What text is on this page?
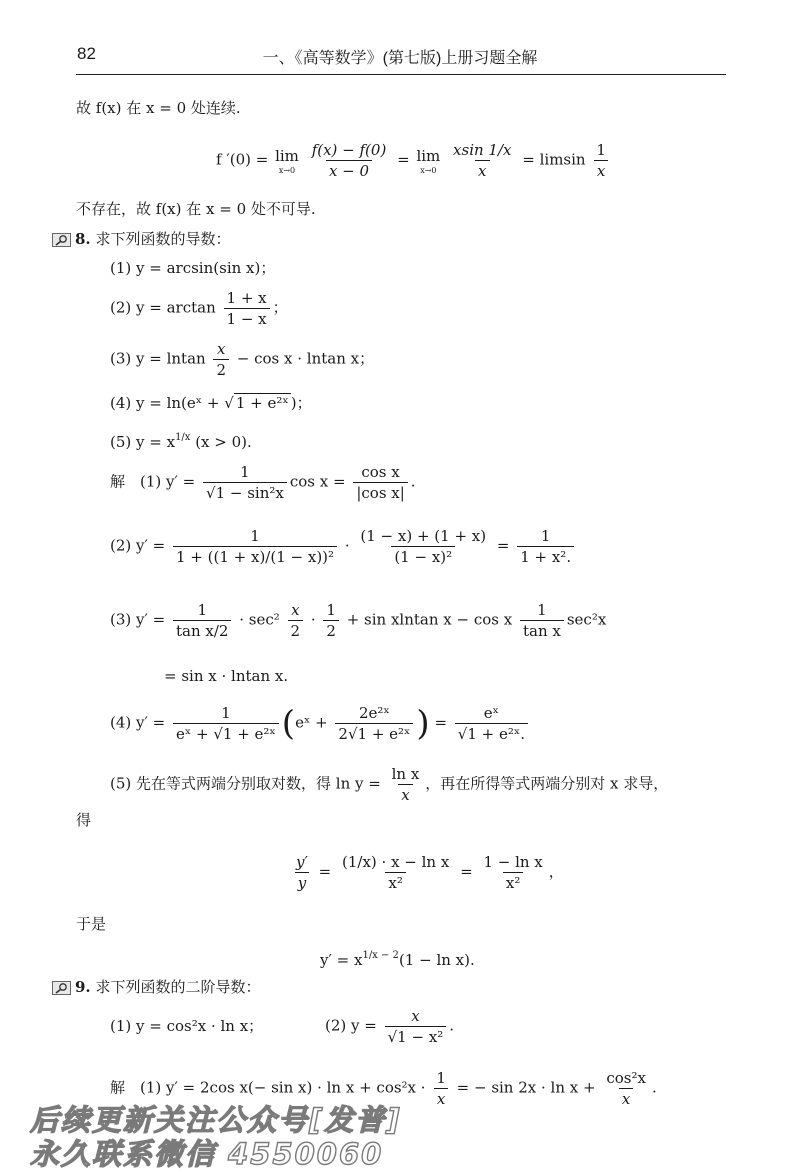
82	一、《高等数学》(第七版)上册习题全解
故 f(x) 在 x = 0 处连续.
f ′(0) = lim
x→0
$\frac{f(x) - f(0)}{x - 0} = \lim$
x→0
$\frac{xsin 1/x}{x} = limsin \frac{1}{x}$
不存在，故 f(x) 在 x = 0 处不可导.
8. 求下列函数的导数：
(1) y = arcsin(sin x)；
(2) $y = \arctan \frac{1 + x}{1 - x}$ ；
(3) y = lntan $\frac{x}{2} - \cos x \cdot lntan$ x；
(4) y = ln(eˣ + √ 1 + e²ˣ )；
(5) $y = x^{1/x}$ (x > 0).
解　(1) $y' = \frac{1}{\text{√1 − sin²x}}$ $\cos x = \frac{\text{cos x}}{\text{|cos x|}}$ .
(2) $y' = \frac{1}{\text{1 + ((1 + x)/(1 − x))²}} \cdot \frac{(1 - x) + (1 + x)}{\text{(1 − x)²}} = \frac{1}{\text{1 + x².}}$
(3) $y' = \frac{1}{\text{tan x/2}} \cdot \sec^2 \frac{x}{2} \cdot \frac{1}{2} + \sin xlntan$ x − cos x $\frac{1}{\text{tan x}} \sec^2x$
= sin x · lntan x.
(4) $y' = \frac{1}{\text{eˣ + √1 + e²ˣ}}$ (eˣ + $\frac{\text{2e²ˣ}}{\text{2√1 + e²ˣ}}$ ) = $\frac{\text{eˣ}}{\text{√1 + e²ˣ.}}$
(5) 先在等式两端分别取对数，得 $\ln y = \frac{\text{ln x}}{x}$ ，再在所得等式两端分别对 x 求导，
得
$\frac{y'}{y} = \frac{\text{(1/x) · x − ln x}}{\text{x²}} = \frac{\text{1 − ln x}}{\text{x²}}$ ，
于是
$y' = x^{1/x - 2}(1 - \ln x)$.
9. 求下列函数的二阶导数：
(1) y = cos²x · ln x；	(2) $y = \frac{x}{\text{√1 − x²}}$ .
解　(1) y′ = 2cos $x(- \sin x) \cdot \ln x + \cos^2x \cdot \frac{1}{x}$ = − $\sin 2x \cdot \ln x + \frac{\text{cos²x}}{x}$ .
后续更新关注公众号[发普]
永久联系微信 4550060
